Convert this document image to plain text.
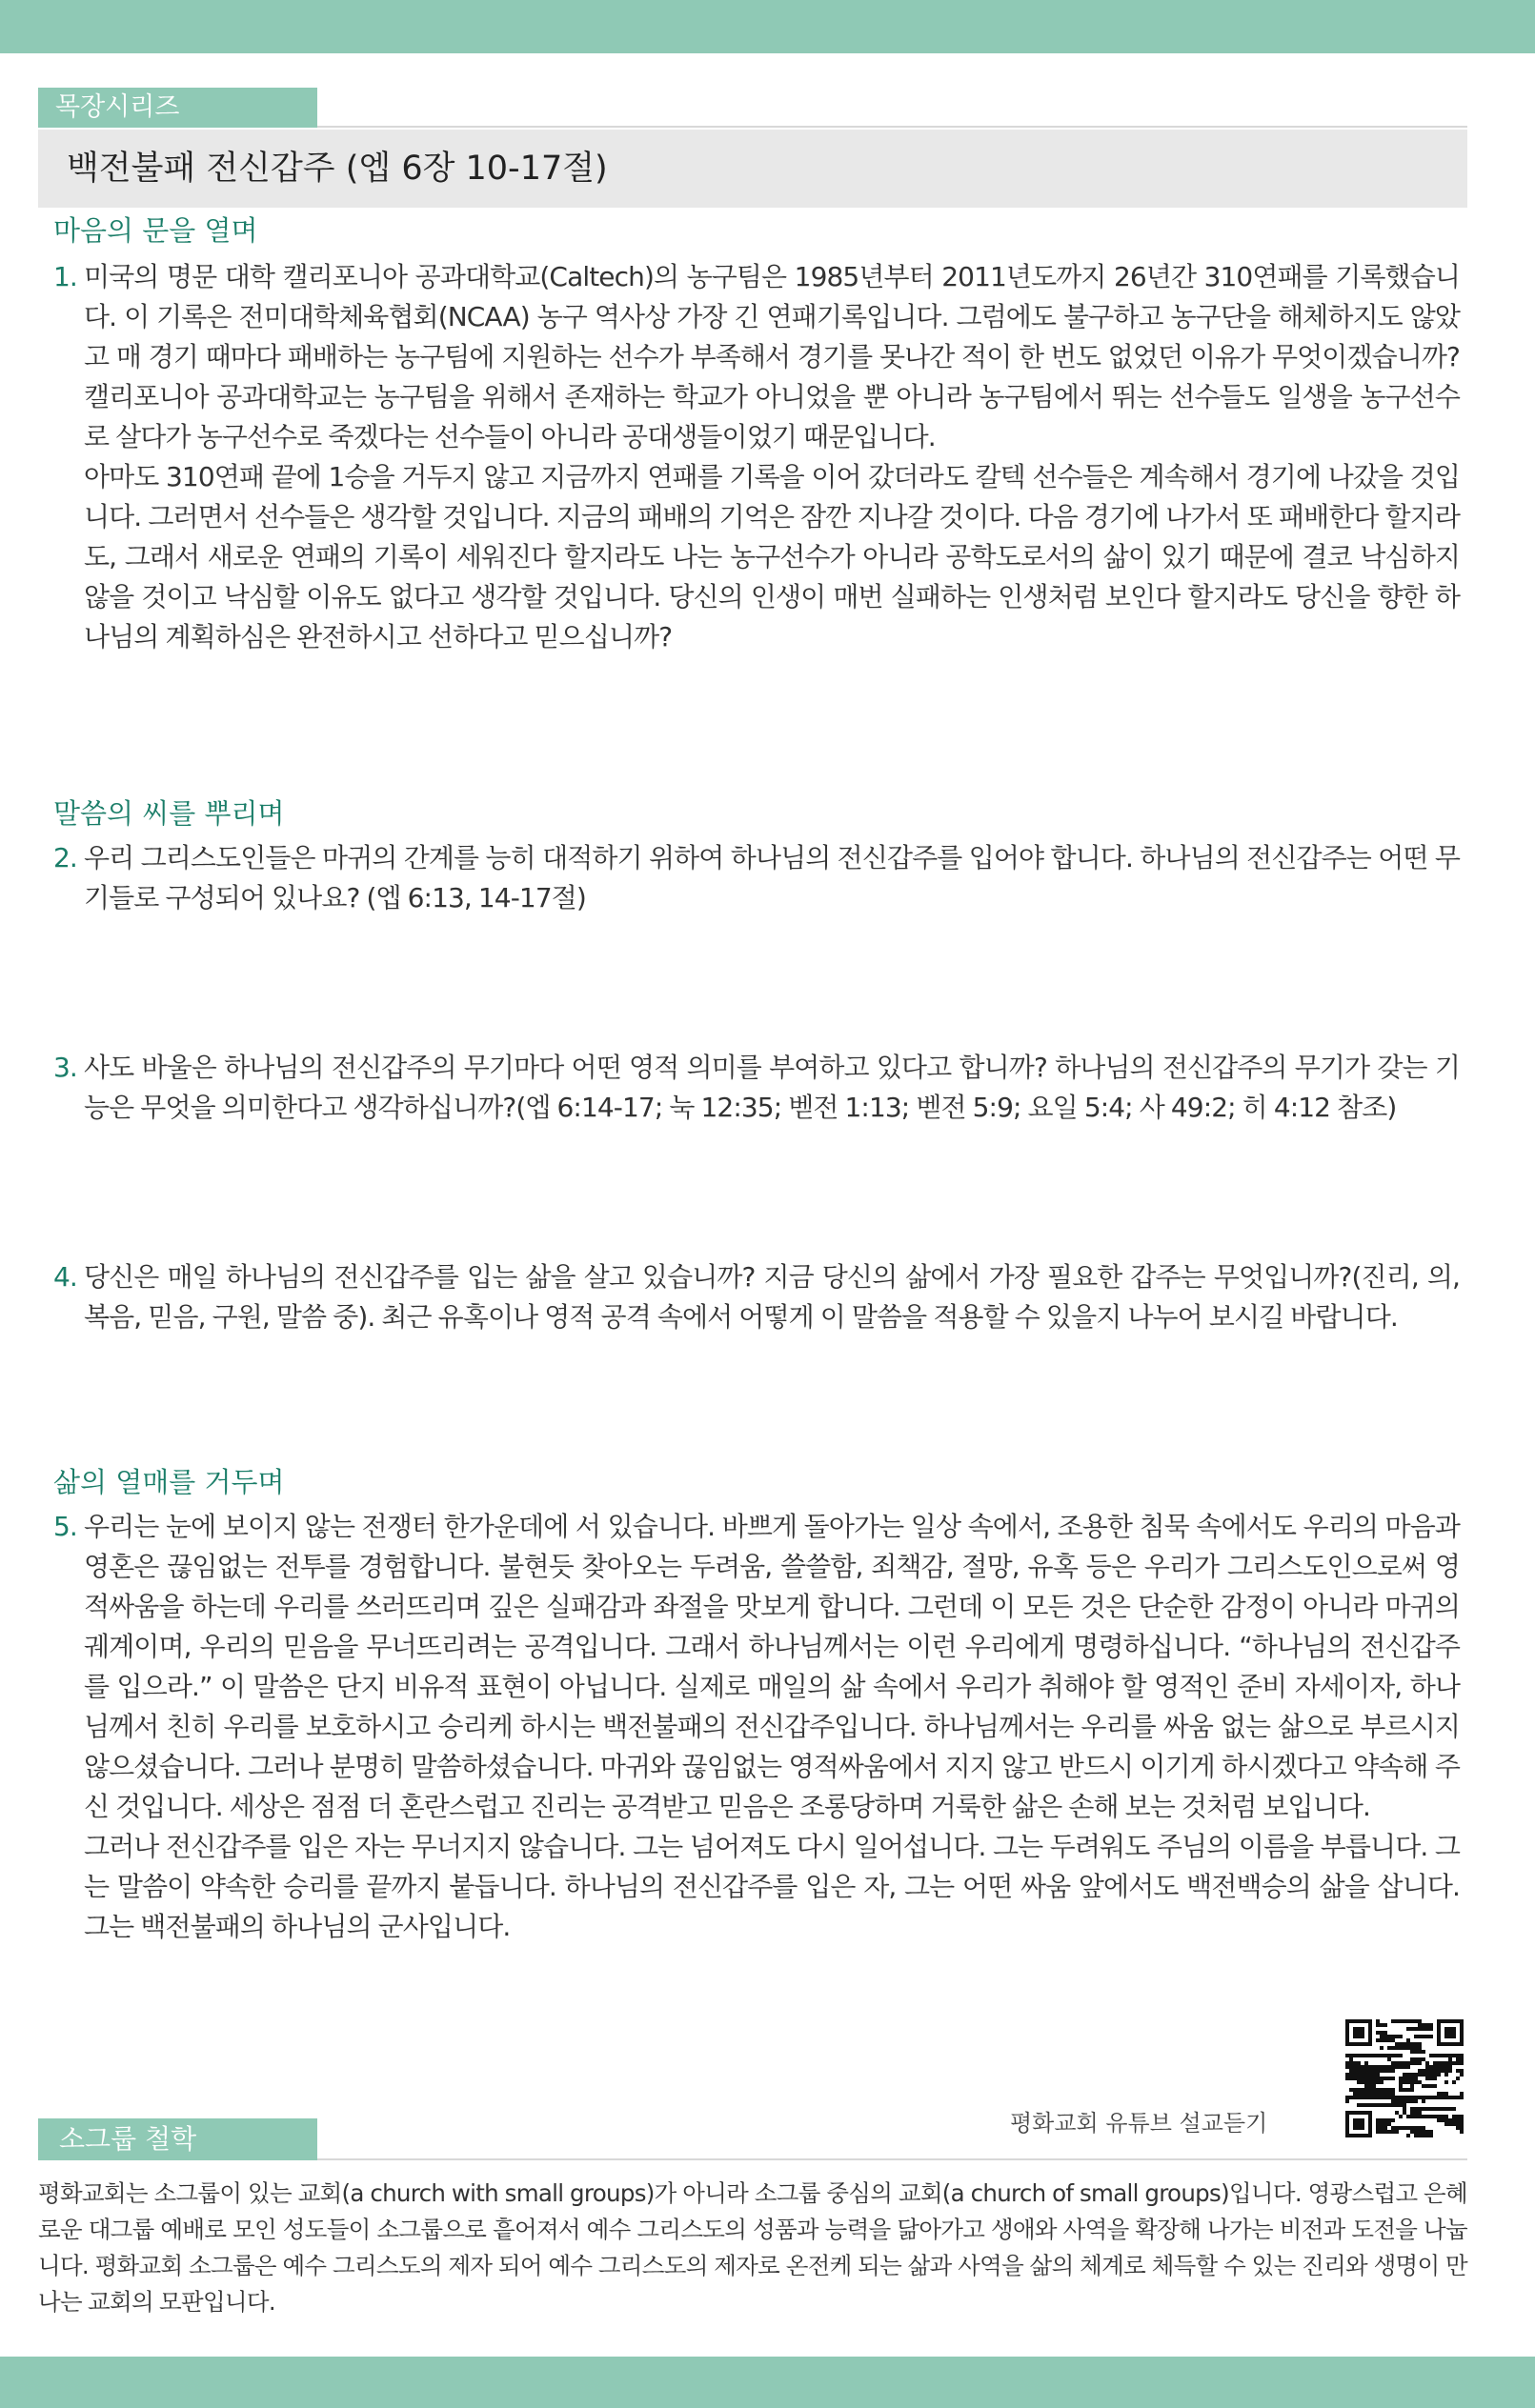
목장시리즈
백전불패 전신갑주 (엡 6장 10-17절)
마음의 문을 열며
1. 미국의 명문 대학 캘리포니아 공과대학교(Caltech)의 농구팀은 1985년부터 2011년도까지 26년간 310연패를 기록했습니다. 이 기록은 전미대학체육협회(NCAA) 농구 역사상 가장 긴 연패기록입니다. 그럼에도 불구하고 농구단을 해체하지도 않았고 매 경기 때마다 패배하는 농구팀에 지원하는 선수가 부족해서 경기를 못나간 적이 한 번도 없었던 이유가 무엇이겠습니까? 캘리포니아 공과대학교는 농구팀을 위해서 존재하는 학교가 아니었을 뿐 아니라 농구팀에서 뛰는 선수들도 일생을 농구선수로 살다가 농구선수로 죽겠다는 선수들이 아니라 공대생들이었기 때문입니다.

아마도 310연패 끝에 1승을 거두지 않고 지금까지 연패를 기록을 이어 갔더라도 칼텍 선수들은 계속해서 경기에 나갔을 것입니다. 그러면서 선수들은 생각할 것입니다. 지금의 패배의 기억은 잠깐 지나갈 것이다. 다음 경기에 나가서 또 패배한다 할지라도, 그래서 새로운 연패의 기록이 세워진다 할지라도 나는 농구선수가 아니라 공학도로서의 삶이 있기 때문에 결코 낙심하지 않을 것이고 낙심할 이유도 없다고 생각할 것입니다. 당신의 인생이 매번 실패하는 인생처럼 보인다 할지라도 당신을 향한 하나님의 계획하심은 완전하시고 선하다고 믿으십니까?

말씀의 씨를 뿌리며
2. 우리 그리스도인들은 마귀의 간계를 능히 대적하기 위하여 하나님의 전신갑주를 입어야 합니다. 하나님의 전신갑주는 어떤 무기들로 구성되어 있나요? (엡 6:13, 14-17절)

3. 사도 바울은 하나님의 전신갑주의 무기마다 어떤 영적 의미를 부여하고 있다고 합니까? 하나님의 전신갑주의 무기가 갖는 기능은 무엇을 의미한다고 생각하십니까?(엡 6:14-17; 눅 12:35; 벧전 1:13; 벧전 5:9; 요일 5:4; 사 49:2; 히 4:12 참조)

4. 당신은 매일 하나님의 전신갑주를 입는 삶을 살고 있습니까? 지금 당신의 삶에서 가장 필요한 갑주는 무엇입니까?(진리, 의, 복음, 믿음, 구원, 말씀 중). 최근 유혹이나 영적 공격 속에서 어떻게 이 말씀을 적용할 수 있을지 나누어 보시길 바랍니다.

삶의 열매를 거두며
5. 우리는 눈에 보이지 않는 전쟁터 한가운데에 서 있습니다. 바쁘게 돌아가는 일상 속에서, 조용한 침묵 속에서도 우리의 마음과 영혼은 끊임없는 전투를 경험합니다. 불현듯 찾아오는 두려움, 쓸쓸함, 죄책감, 절망, 유혹 등은 우리가 그리스도인으로써 영적싸움을 하는데 우리를 쓰러뜨리며 깊은 실패감과 좌절을 맛보게 합니다. 그런데 이 모든 것은 단순한 감정이 아니라 마귀의 궤계이며, 우리의 믿음을 무너뜨리려는 공격입니다. 그래서 하나님께서는 이런 우리에게 명령하십니다. “하나님의 전신갑주를 입으라.” 이 말씀은 단지 비유적 표현이 아닙니다. 실제로 매일의 삶 속에서 우리가 취해야 할 영적인 준비 자세이자, 하나님께서 친히 우리를 보호하시고 승리케 하시는 백전불패의 전신갑주입니다. 하나님께서는 우리를 싸움 없는 삶으로 부르시지 않으셨습니다. 그러나 분명히 말씀하셨습니다. 마귀와 끊임없는 영적싸움에서 지지 않고 반드시 이기게 하시겠다고 약속해 주신 것입니다. 세상은 점점 더 혼란스럽고 진리는 공격받고 믿음은 조롱당하며 거룩한 삶은 손해 보는 것처럼 보입니다.

그러나 전신갑주를 입은 자는 무너지지 않습니다. 그는 넘어져도 다시 일어섭니다. 그는 두려워도 주님의 이름을 부릅니다. 그는 말씀이 약속한 승리를 끝까지 붙듭니다. 하나님의 전신갑주를 입은 자, 그는 어떤 싸움 앞에서도 백전백승의 삶을 삽니다. 그는 백전불패의 하나님의 군사입니다.

평화교회 유튜브 설교듣기
소그룹 철학

평화교회는 소그룹이 있는 교회(a church with small groups)가 아니라 소그룹 중심의 교회(a church of small groups)입니다. 영광스럽고 은혜로운 대그룹 예배로 모인 성도들이 소그룹으로 흩어져서 예수 그리스도의 성품과 능력을 닮아가고 생애와 사역을 확장해 나가는 비전과 도전을 나눕니다. 평화교회 소그룹은 예수 그리스도의 제자 되어 예수 그리스도의 제자로 온전케 되는 삶과 사역을 삶의 체계로 체득할 수 있는 진리와 생명이 만나는 교회의 모판입니다.
